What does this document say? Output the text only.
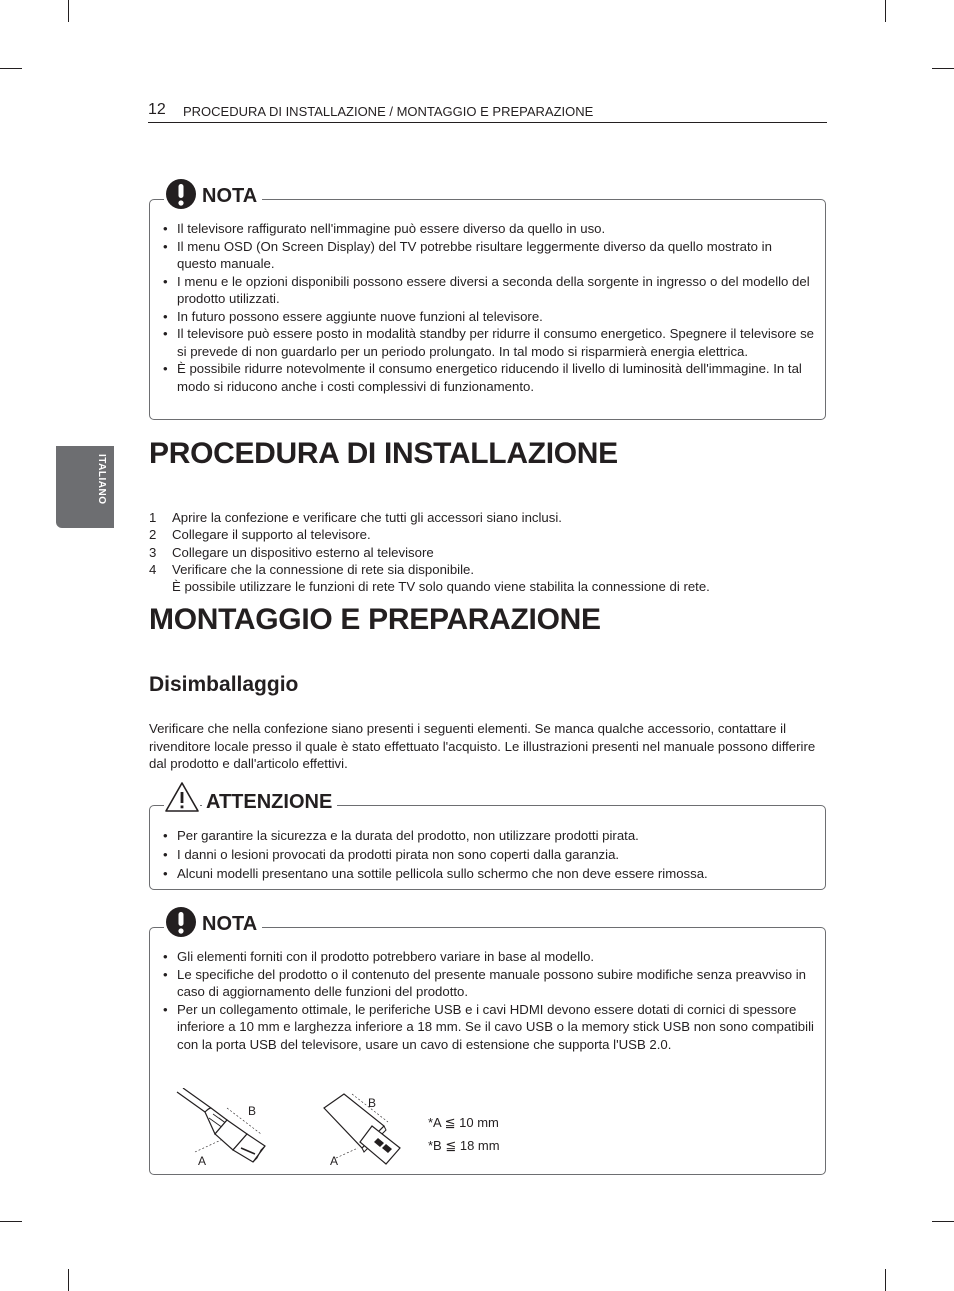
12 PROCEDURA DI INSTALLAZIONE / MONTAGGIO E PREPARAZIONE
ITALIANO
NOTA
• Il televisore raffigurato nell'immagine può essere diverso da quello in uso.
• Il menu OSD (On Screen Display) del TV potrebbe risultare leggermente diverso da quello mostrato in questo manuale.
• I menu e le opzioni disponibili possono essere diversi a seconda della sorgente in ingresso o del modello del prodotto utilizzati.
• In futuro possono essere aggiunte nuove funzioni al televisore.
• Il televisore può essere posto in modalità standby per ridurre il consumo energetico. Spegnere il televisore se si prevede di non guardarlo per un periodo prolungato. In tal modo si risparmierà energia elettrica.
• È possibile ridurre notevolmente il consumo energetico riducendo il livello di luminosità dell'immagine. In tal modo si riducono anche i costi complessivi di funzionamento.
PROCEDURA DI INSTALLAZIONE
1 Aprire la confezione e verificare che tutti gli accessori siano inclusi.
2 Collegare il supporto al televisore.
3 Collegare un dispositivo esterno al televisore
4 Verificare che la connessione di rete sia disponibile.
È possibile utilizzare le funzioni di rete TV solo quando viene stabilita la connessione di rete.
MONTAGGIO E PREPARAZIONE
Disimballaggio

Verificare che nella confezione siano presenti i seguenti elementi. Se manca qualche accessorio, contattare il rivenditore locale presso il quale è stato effettuato l'acquisto. Le illustrazioni presenti nel manuale possono differire dal prodotto e dall'articolo effettivi.

ATTENZIONE
• Per garantire la sicurezza e la durata del prodotto, non utilizzare prodotti pirata.
• I danni o lesioni provocati da prodotti pirata non sono coperti dalla garanzia.
• Alcuni modelli presentano una sottile pellicola sullo schermo che non deve essere rimossa.
NOTA
• Gli elementi forniti con il prodotto potrebbero variare in base al modello.
• Le specifiche del prodotto o il contenuto del presente manuale possono subire modifiche senza preavviso in caso di aggiornamento delle funzioni del prodotto.
• Per un collegamento ottimale, le periferiche USB e i cavi HDMI devono essere dotati di cornici di spessore inferiore a 10 mm e larghezza inferiore a 18 mm. Se il cavo USB o la memory stick USB non sono compatibili con la porta USB del televisore, usare un cavo di estensione che supporta l'USB 2.0.
B
A
B
A
*A ≦ 10 mm
*B ≦ 18 mm
